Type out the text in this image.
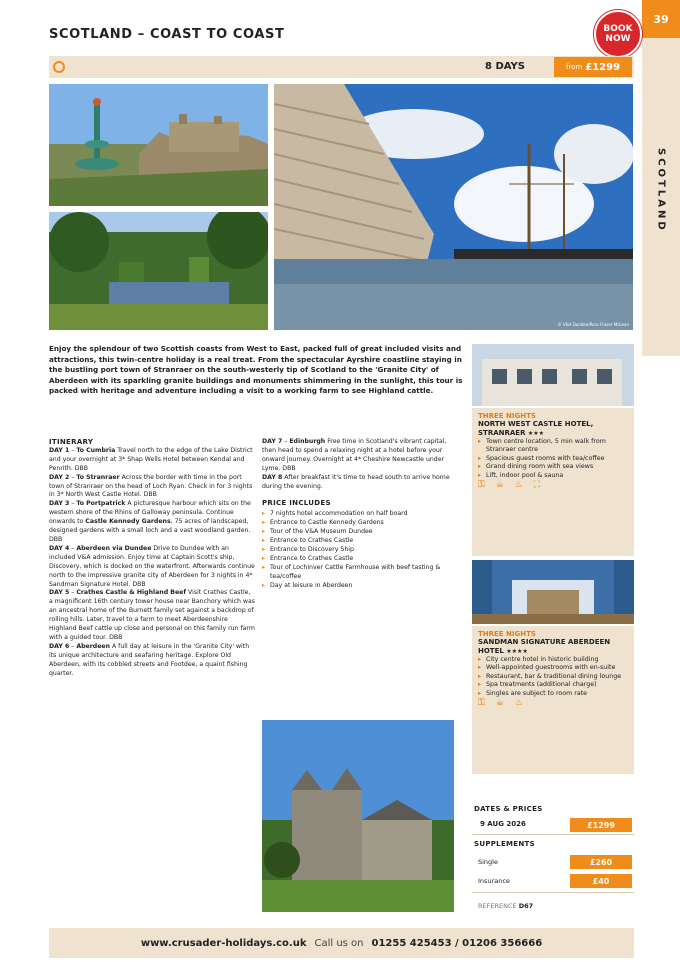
39
SCOTLAND
BOOK
NOW
SCOTLAND – COAST TO COAST
8 DAYS	from £1299
© V&A Dundee/Ross Fraser McLean
Enjoy the splendour of two Scottish coasts from West to East, packed full of great included visits and attractions, this twin-centre holiday is a real treat. From the spectacular Ayrshire coastline staying in the bustling port town of Stranraer on the south-westerly tip of Scotland to the 'Granite City' of Aberdeen with its sparkling granite buildings and monuments shimmering in the sunlight, this tour is packed with heritage and adventure including a visit to a working farm to see Highland cattle.
ITINERARY

DAY 1 – To Cumbria Travel north to the edge of the Lake District and your overnight at 3* Shap Wells Hotel between Kendal and Penrith. DBB

DAY 2 – To Stranraer Across the border with time in the port town of Stranraer on the head of Loch Ryan. Check in for 3 nights in 3* North West Castle Hotel. DBB

DAY 3 – To Portpatrick A picturesque harbour which sits on the western shore of the Rhins of Galloway peninsula. Continue onwards to Castle Kennedy Gardens, 75 acres of landscaped, designed gardens with a small loch and a vast woodland garden. DBB

DAY 4 – Aberdeen via Dundee Drive to Dundee with an included V&A admission. Enjoy time at Captain Scott's ship, Discovery, which is docked on the waterfront. Afterwards continue north to the impressive granite city of Aberdeen for 3 nights in 4* Sandman Signature Hotel. DBB

DAY 5 – Crathes Castle & Highland Beef Visit Crathes Castle, a magnificent 16th century tower house near Banchory which was an ancestral home of the Burnett family set against a backdrop of rolling hills. Later, travel to a farm to meet Aberdeenshire Highland Beef cattle up close and personal on this family run farm with a guided tour. DBB

DAY 6 – Aberdeen A full day at leisure in the 'Granite City' with its unique architecture and seafaring heritage. Explore Old Aberdeen, with its cobbled streets and Footdee, a quaint fishing quarter.

DAY 7 – Edinburgh Free time in Scotland's vibrant capital, then head to spend a relaxing night at a hotel before your onward journey. Overnight at 4* Cheshire Newcastle under Lyme. DBB

DAY 8 After breakfast it's time to head south to arrive home during the evening.

PRICE INCLUDES
▸ 7 nights hotel accommodation on half board
▸ Entrance to Castle Kennedy Gardens
▸ Tour of the V&A Museum Dundee
▸ Entrance to Crathes Castle
▸ Entrance to Discovery Ship
▸ Entrance to Crathes Castle
▸ Tour of Lochinver Cattle Farmhouse with beef tasting & tea/coffee
▸ Day at leisure in Aberdeen
THREE NIGHTS
NORTH WEST CASTLE HOTEL, STRANRAER ★★★
▸ Town centre location, 5 min walk from Stranraer centre
▸ Spacious guest rooms with tea/coffee
▸ Grand dining room with sea views
▸ Lift, indoor pool & sauna
⚿ ☕ ♨ ⛶
THREE NIGHTS
SANDMAN SIGNATURE ABERDEEN HOTEL ★★★★
▸ City centre hotel in historic building
▸ Well-appointed guestrooms with en-suite
▸ Restaurant, bar & traditional dining lounge
▸ Spa treatments (additional charge)
▸ Singles are subject to room rate
⚿ ☕ ♨
DATES & PRICES
9 AUG 2026	£1299
SUPPLEMENTS
Single	£260
Insurance	£40
REFERENCE D67
www.crusader-holidays.co.uk Call us on 01255 425453 / 01206 356666
